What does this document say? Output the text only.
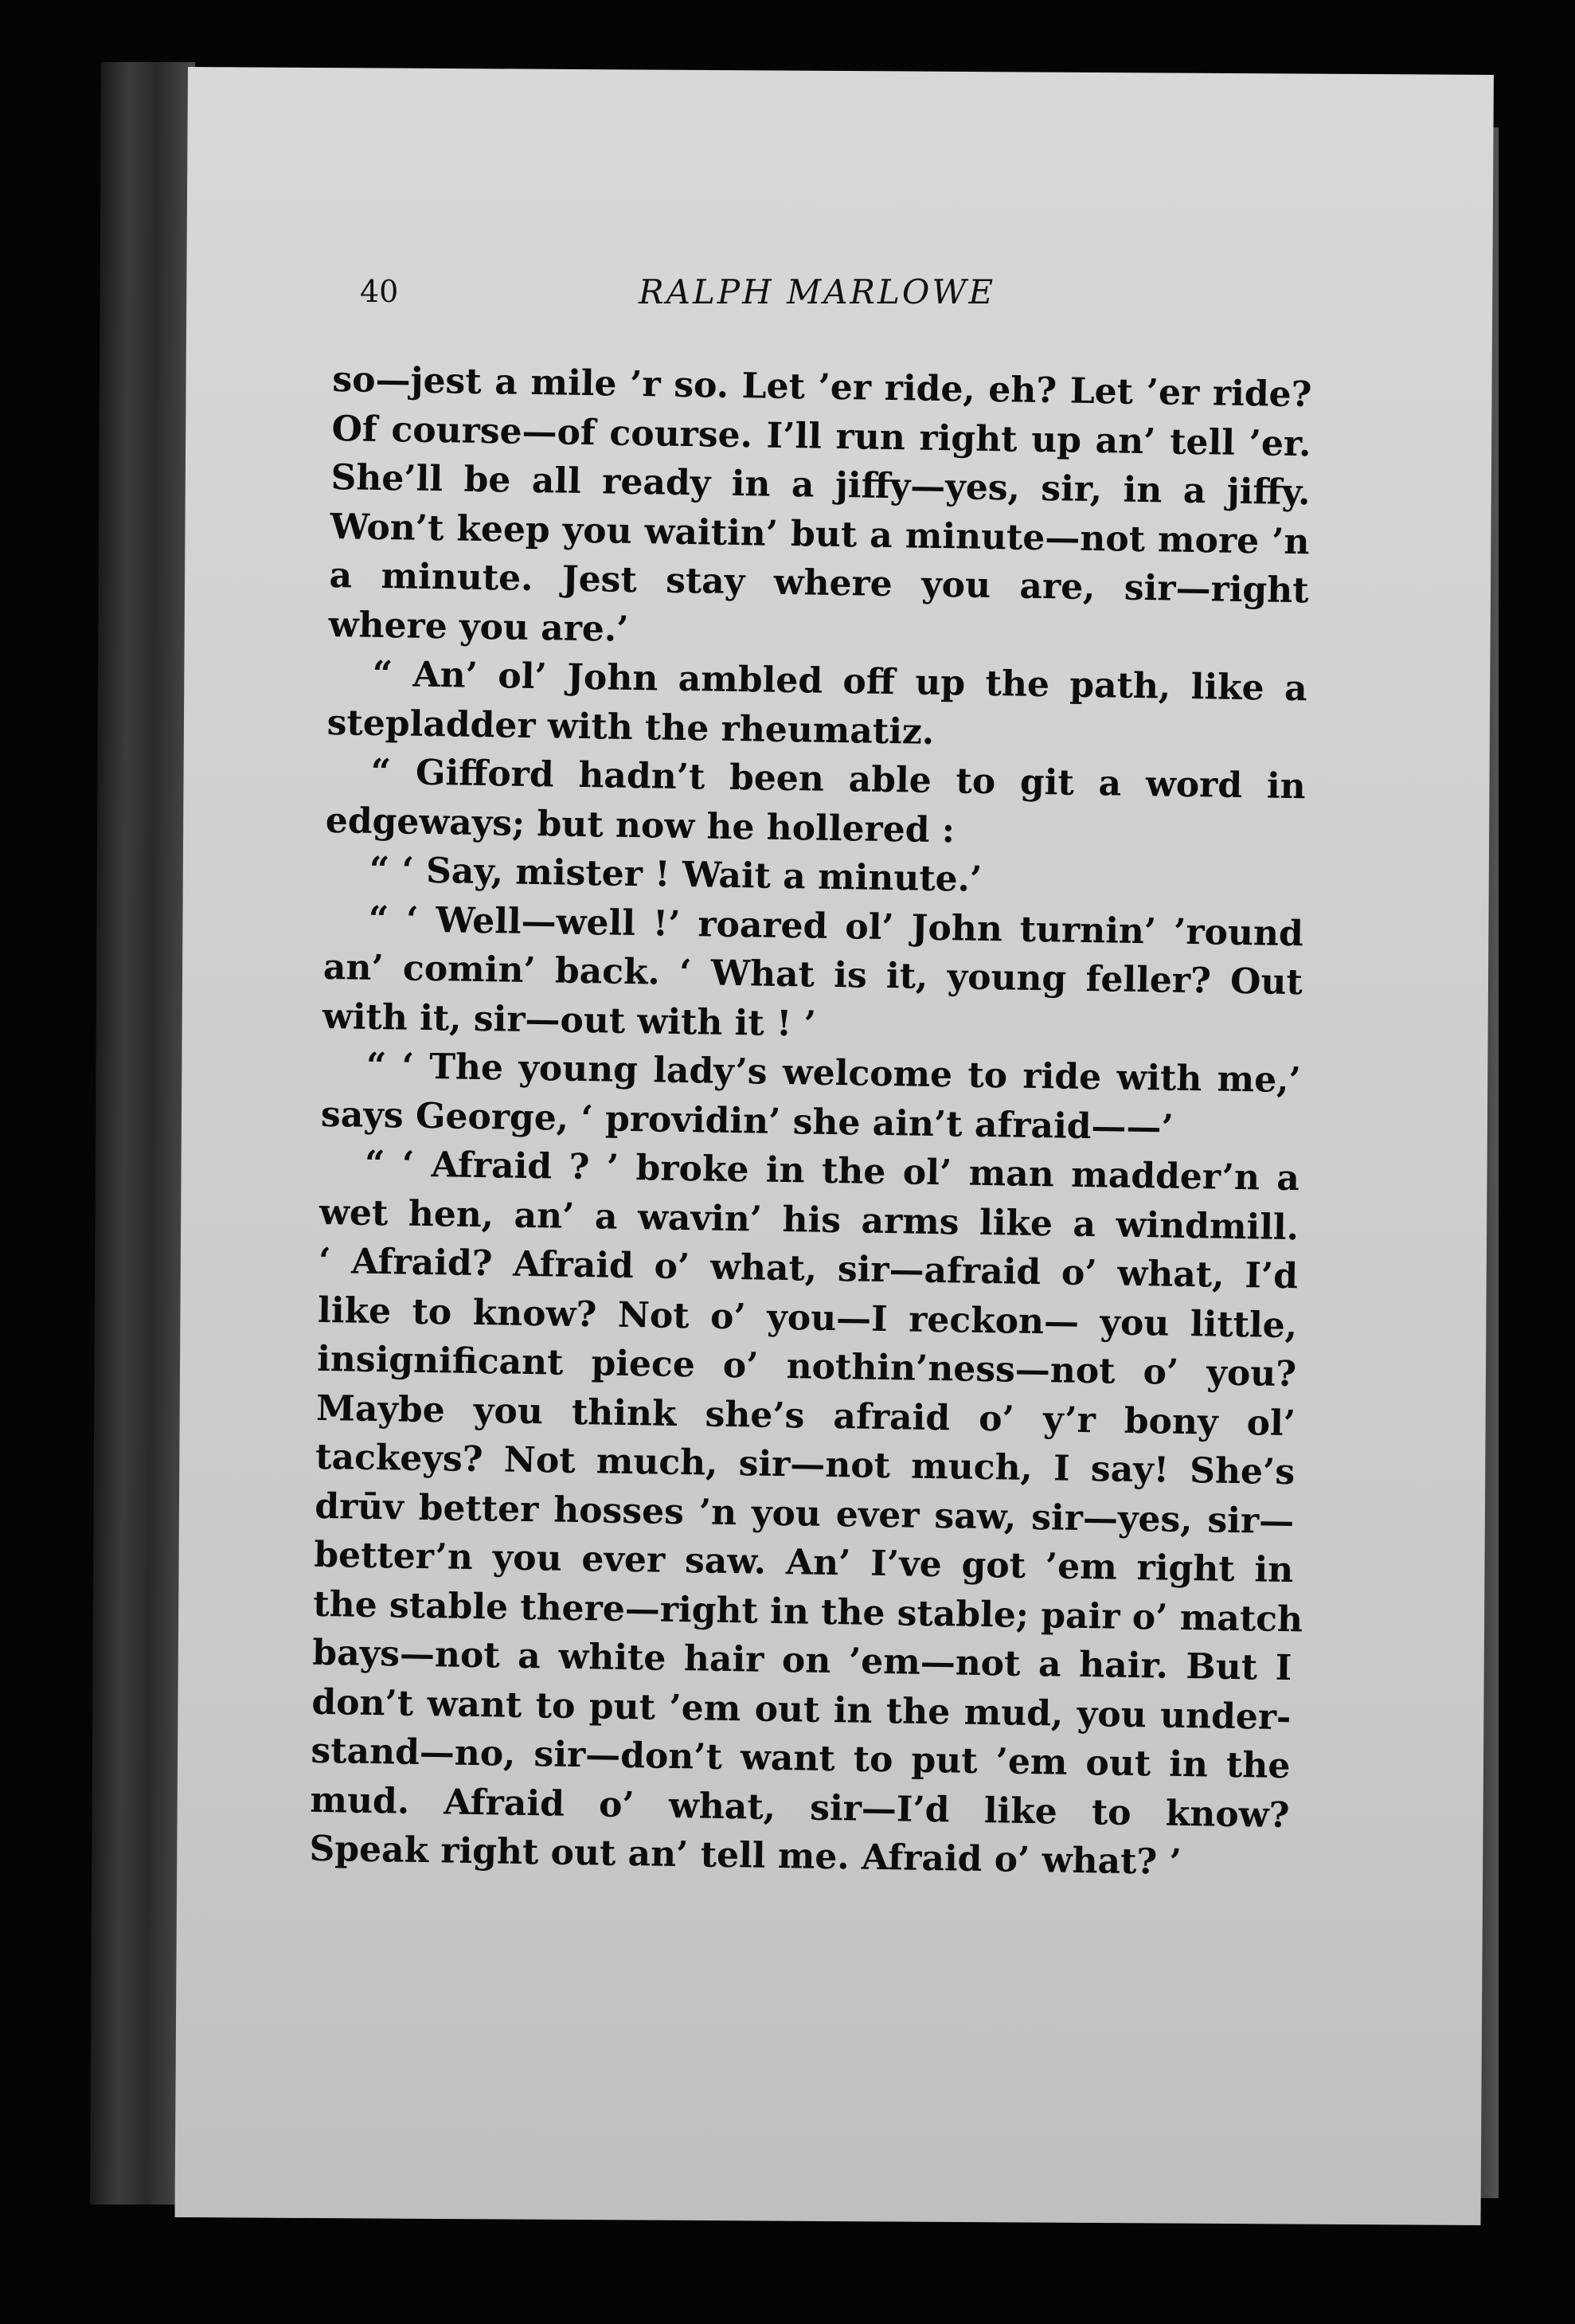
40	RALPH MARLOWE
so—jest a mile ’r so. Let ’er ride, eh? Let ’er ride?
Of course—of course. I’ll run right up an’ tell ’er.
She’ll be all ready in a jiffy—yes, sir, in a jiffy.
Won’t keep you waitin’ but a minute—not more ’n
a minute. Jest stay where you are, sir—right
where you are.’
“ An’ ol’ John ambled off up the path, like a
stepladder with the rheumatiz.
“ Gifford hadn’t been able to git a word in
edgeways; but now he hollered :
“ ‘ Say, mister ! Wait a minute.’
“ ‘ Well—well !’ roared ol’ John turnin’ ’round
an’ comin’ back. ‘ What is it, young feller? Out
with it, sir—out with it ! ’
“ ‘ The young lady’s welcome to ride with me,’
says George, ‘ providin’ she ain’t afraid——’
“ ‘ Afraid ? ’ broke in the ol’ man madder’n a
wet hen, an’ a wavin’ his arms like a windmill.
‘ Afraid? Afraid o’ what, sir—afraid o’ what, I’d
like to know? Not o’ you—I reckon— you little,
insignificant piece o’ nothin’ness—not o’ you?
Maybe you think she’s afraid o’ y’r bony ol’
tackeys? Not much, sir—not much, I say! She’s
drūv better hosses ’n you ever saw, sir—yes, sir—
better’n you ever saw. An’ I’ve got ’em right in
the stable there—right in the stable; pair o’ match
bays—not a white hair on ’em—not a hair. But I
don’t want to put ’em out in the mud, you under-
stand—no, sir—don’t want to put ’em out in the
mud. Afraid o’ what, sir—I’d like to know?
Speak right out an’ tell me. Afraid o’ what? ’
